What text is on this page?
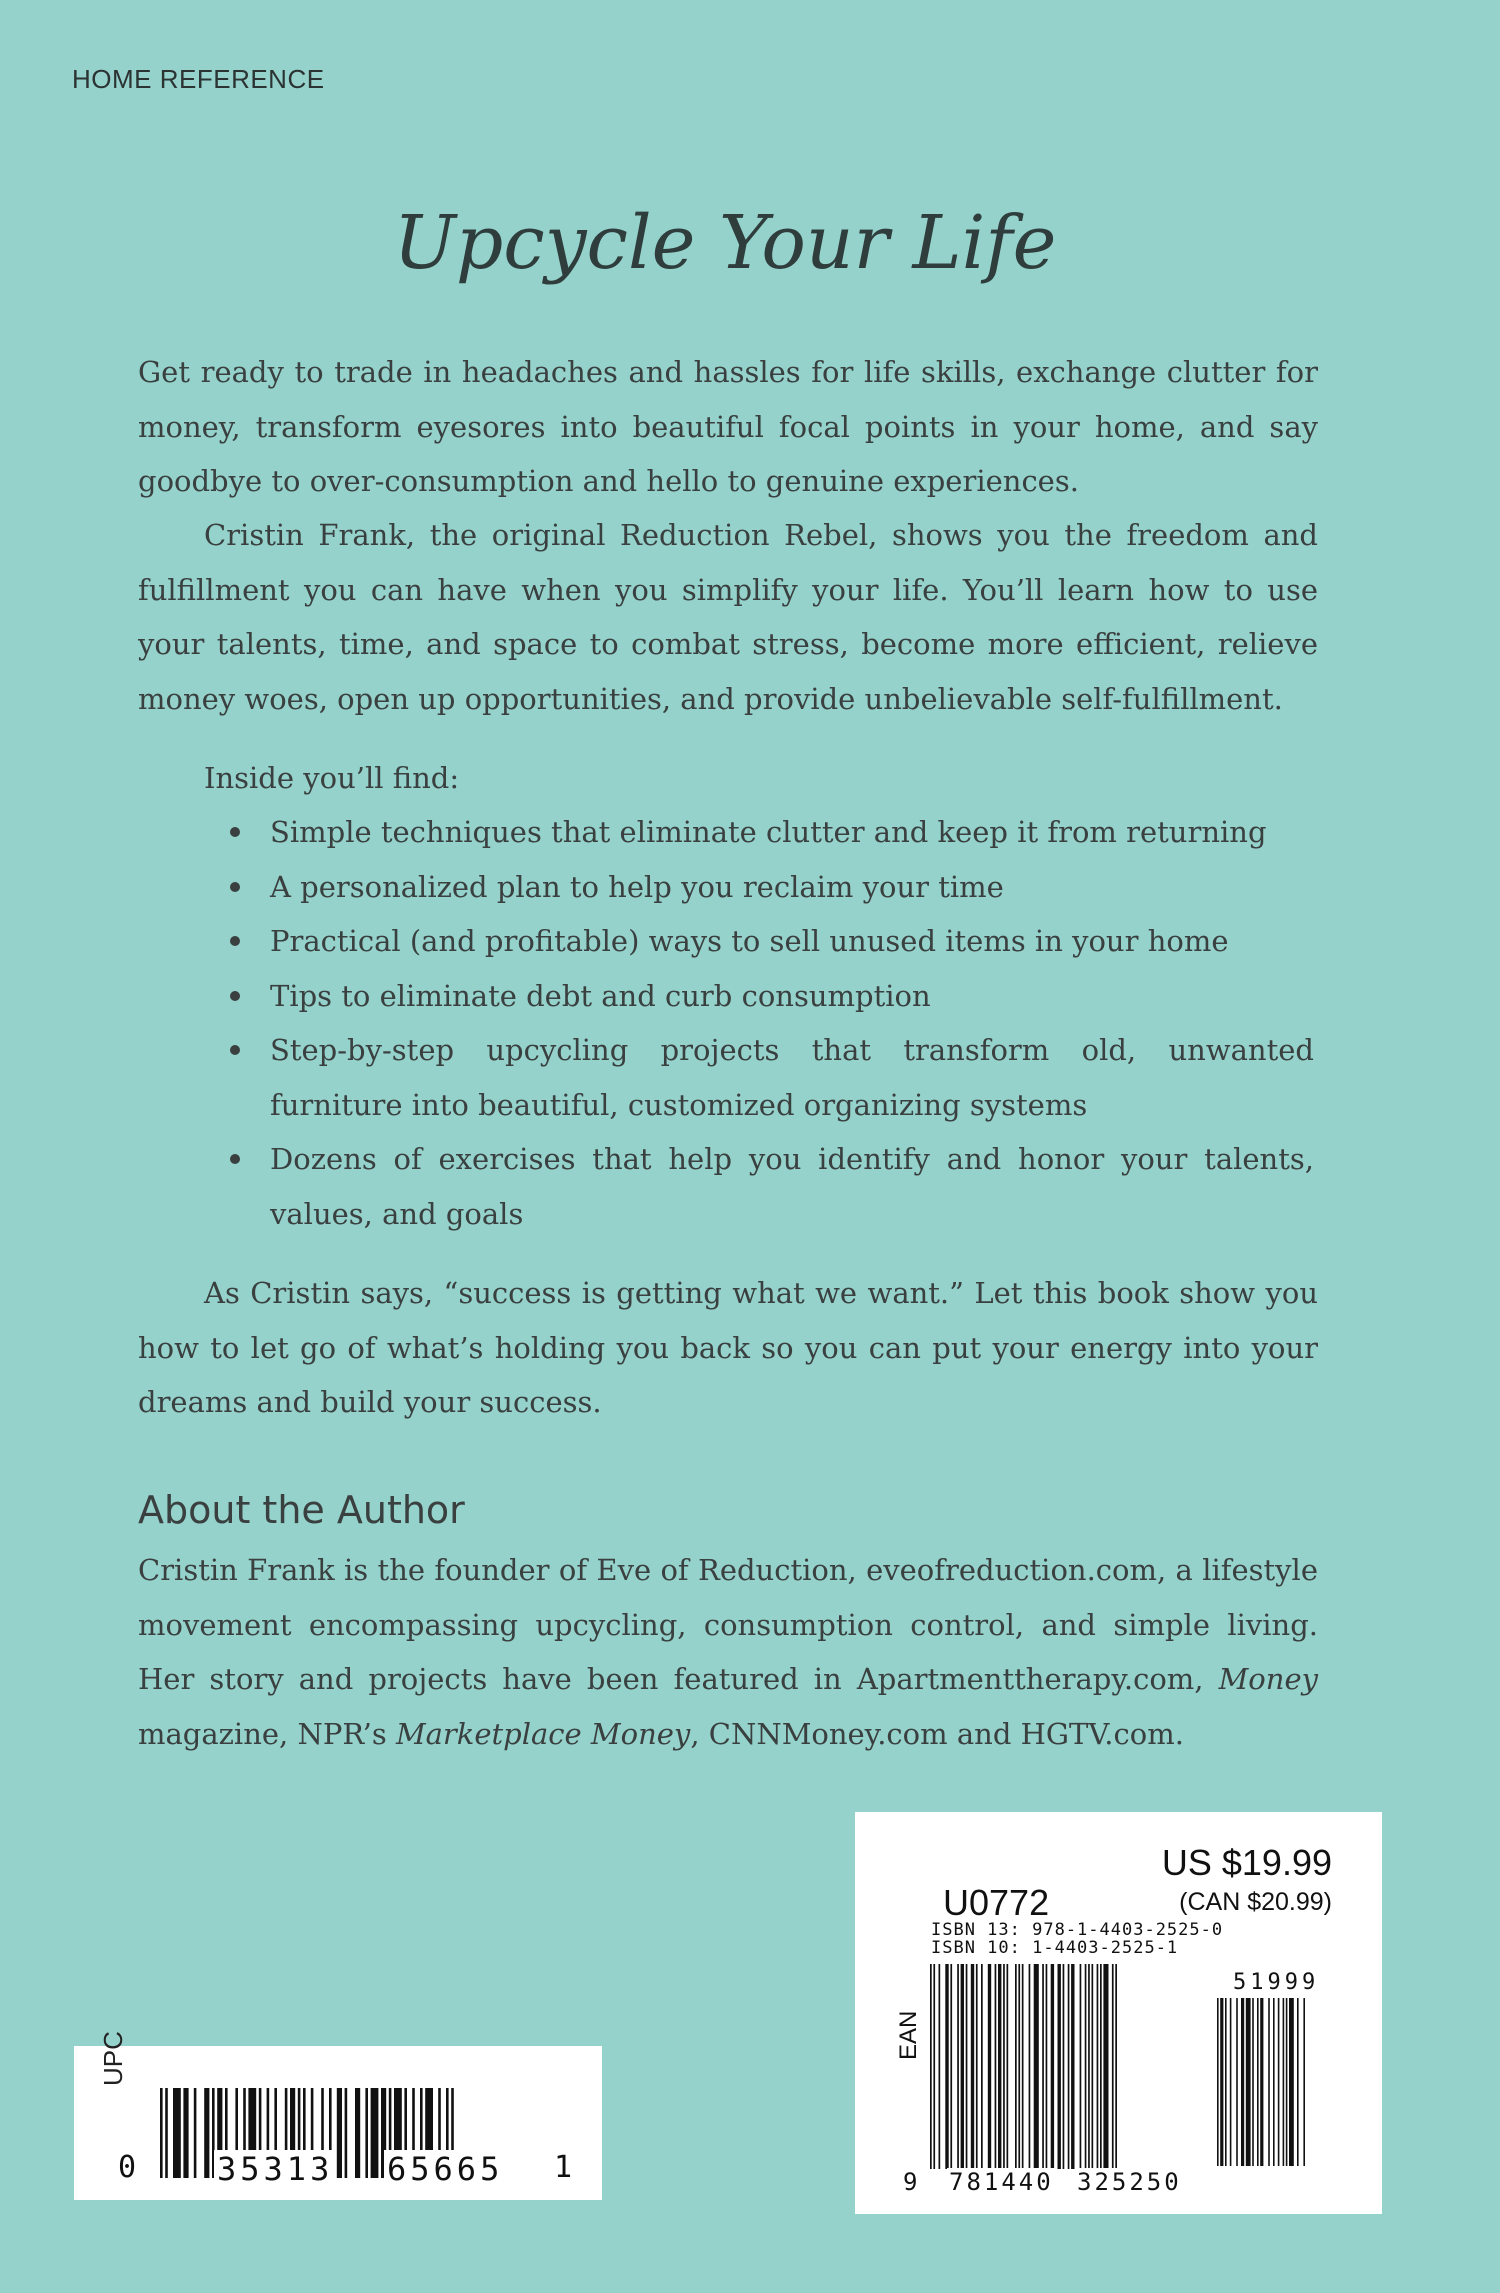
HOME REFERENCE
Upcycle Your Life

Get ready to trade in headaches and hassles for life skills, exchange clutter for money, transform eyesores into beautiful focal points in your home, and say goodbye to over-consumption and hello to genuine experiences.

Cristin Frank, the original Reduction Rebel, shows you the freedom and fulfillment you can have when you simplify your life. You’ll learn how to use your talents, time, and space to combat stress, become more efficient, relieve money woes, open up opportunities, and provide unbelievable self-fulfillment.

Inside you’ll find:
Simple techniques that eliminate clutter and keep it from returning
A personalized plan to help you reclaim your time
Practical (and profitable) ways to sell unused items in your home
Tips to eliminate debt and curb consumption
Step-by-step upcycling projects that transform old, unwanted furniture into beautiful, customized organizing systems
Dozens of exercises that help you identify and honor your talents, values, and goals

As Cristin says, “success is getting what we want.” Let this book show you how to let go of what’s holding you back so you can put your energy into your dreams and build your success.

About the Author

Cristin Frank is the founder of Eve of Reduction, eveofreduction.com, a lifestyle movement encompassing upcycling, consumption control, and simple living. Her story and projects have been featured in Apartmenttherapy.com, Money magazine, NPR’s Marketplace Money, CNNMoney.com and HGTV.com.

UPC
0	35313 65665 1
US $19.99
(CAN $20.99)
U0772
ISBN 13: 978-1-4403-2525-0
ISBN 10: 1-4403-2525-1
EAN
51999
9 781440 325250
